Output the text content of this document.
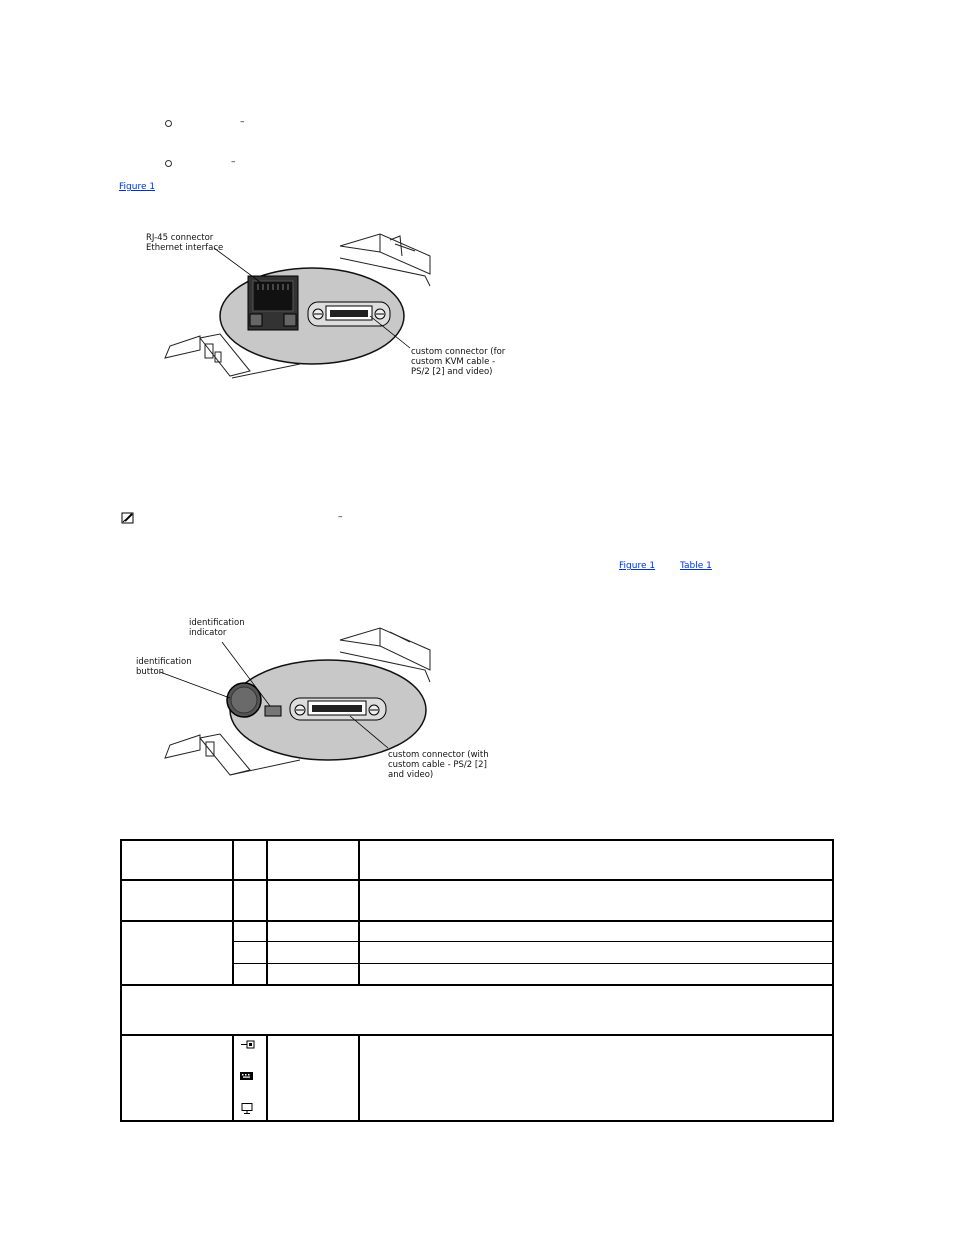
–
–
Figure 1
RJ-45 connector
Ethernet interface
custom connector (for
custom KVM cable -
PS/2 [2] and video)
–
Figure 1	Table 1
identification
indicator
identification
button
custom connector (with
custom cable - PS/2 [2]
and video)
